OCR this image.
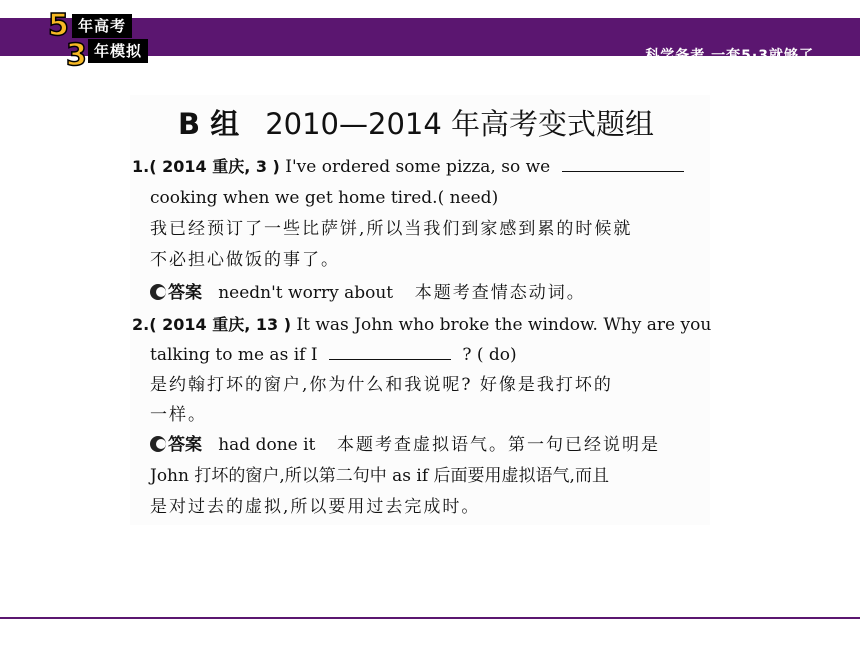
科学备考 一套5·3就够了
5 年高考
3 年模拟
B 组 2010—2014 年高考变式题组
1.( 2014 重庆, 3 ) I've ordered some pizza, so we
cooking when we get home tired.( need)
我已经预订了一些比萨饼,所以当我们到家感到累的时候就
不必担心做饭的事了。
答案 needn't worry about 本题考查情态动词。
2.( 2014 重庆, 13 ) It was John who broke the window. Why are you
talking to me as if I	? ( do)
是约翰打坏的窗户,你为什么和我说呢? 好像是我打坏的
一样。
答案 had done it 本题考查虚拟语气。第一句已经说明是
John 打坏的窗户,所以第二句中 as if 后面要用虚拟语气,而且
是对过去的虚拟,所以要用过去完成时。
